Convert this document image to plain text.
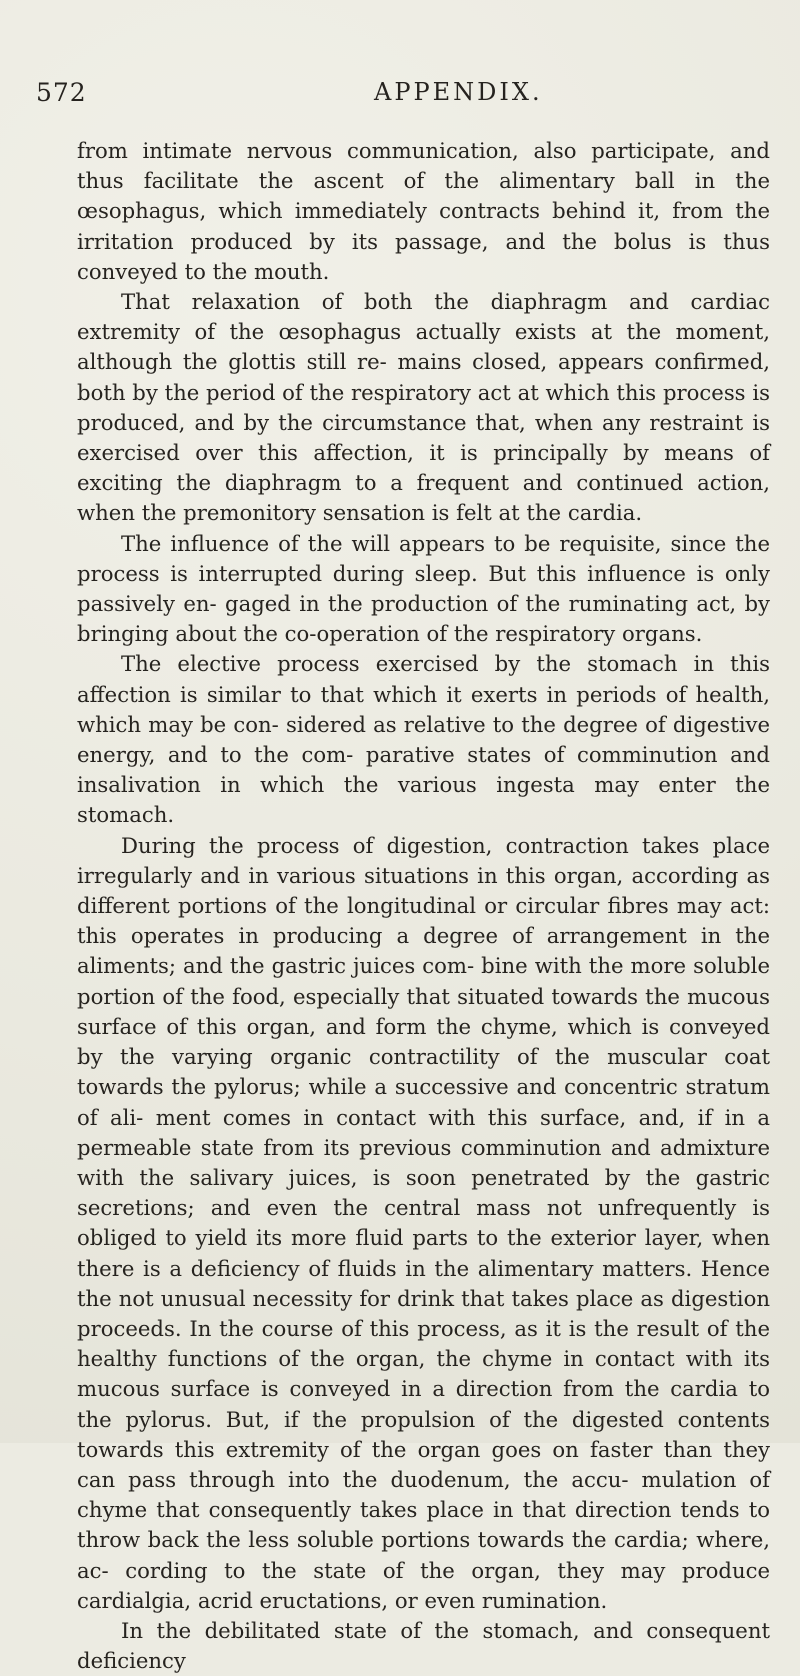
572	APPENDIX.

from intimate nervous communication, also participate, and thus facilitate the ascent of the alimentary ball in the œsophagus, which immediately contracts behind it, from the irritation produced by its passage, and the bolus is thus conveyed to the mouth.

That relaxation of both the diaphragm and cardiac extremity of the œsophagus actually exists at the moment, although the glottis still re- mains closed, appears confirmed, both by the period of the respiratory act at which this process is produced, and by the circumstance that, when any restraint is exercised over this affection, it is principally by means of exciting the diaphragm to a frequent and continued action, when the premonitory sensation is felt at the cardia.

The influence of the will appears to be requisite, since the process is interrupted during sleep. But this influence is only passively en- gaged in the production of the ruminating act, by bringing about the co-operation of the respiratory organs.

The elective process exercised by the stomach in this affection is similar to that which it exerts in periods of health, which may be con- sidered as relative to the degree of digestive energy, and to the com- parative states of comminution and insalivation in which the various ingesta may enter the stomach.

During the process of digestion, contraction takes place irregularly and in various situations in this organ, according as different portions of the longitudinal or circular fibres may act: this operates in producing a degree of arrangement in the aliments; and the gastric juices com- bine with the more soluble portion of the food, especially that situated towards the mucous surface of this organ, and form the chyme, which is conveyed by the varying organic contractility of the muscular coat towards the pylorus; while a successive and concentric stratum of ali- ment comes in contact with this surface, and, if in a permeable state from its previous comminution and admixture with the salivary juices, is soon penetrated by the gastric secretions; and even the central mass not unfrequently is obliged to yield its more fluid parts to the exterior layer, when there is a deficiency of fluids in the alimentary matters. Hence the not unusual necessity for drink that takes place as digestion proceeds. In the course of this process, as it is the result of the healthy functions of the organ, the chyme in contact with its mucous surface is conveyed in a direction from the cardia to the pylorus. But, if the propulsion of the digested contents towards this extremity of the organ goes on faster than they can pass through into the duodenum, the accu- mulation of chyme that consequently takes place in that direction tends to throw back the less soluble portions towards the cardia; where, ac- cording to the state of the organ, they may produce cardialgia, acrid eructations, or even rumination.

In the debilitated state of the stomach, and consequent deficiency
